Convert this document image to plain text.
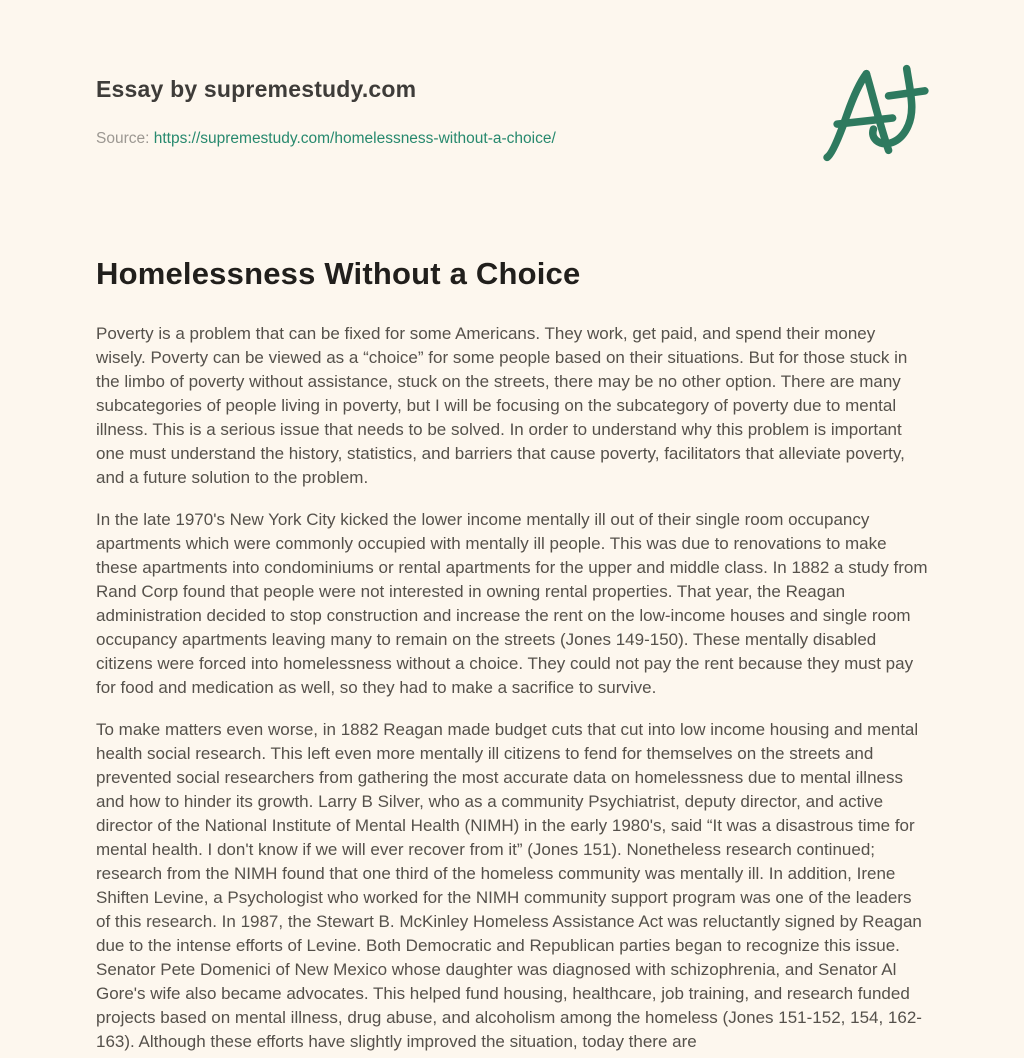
Essay by supremestudy.com
Source: https://supremestudy.com/homelessness-without-a-choice/
Homelessness Without a Choice

Poverty is a problem that can be fixed for some Americans. They work, get paid, and spend their money wisely. Poverty can be viewed as a “choice” for some people based on their situations. But for those stuck in the limbo of poverty without assistance, stuck on the streets, there may be no other option. There are many subcategories of people living in poverty, but I will be focusing on the subcategory of poverty due to mental illness. This is a serious issue that needs to be solved. In order to understand why this problem is important one must understand the history, statistics, and barriers that cause poverty, facilitators that alleviate poverty, and a future solution to the problem.

In the late 1970's New York City kicked the lower income mentally ill out of their single room occupancy apartments which were commonly occupied with mentally ill people. This was due to renovations to make these apartments into condominiums or rental apartments for the upper and middle class. In 1882 a study from Rand Corp found that people were not interested in owning rental properties. That year, the Reagan administration decided to stop construction and increase the rent on the low-income houses and single room occupancy apartments leaving many to remain on the streets (Jones 149-150). These mentally disabled citizens were forced into homelessness without a choice. They could not pay the rent because they must pay for food and medication as well, so they had to make a sacrifice to survive.

To make matters even worse, in 1882 Reagan made budget cuts that cut into low income housing and mental health social research. This left even more mentally ill citizens to fend for themselves on the streets and prevented social researchers from gathering the most accurate data on homelessness due to mental illness and how to hinder its growth. Larry B Silver, who as a community Psychiatrist, deputy director, and active director of the National Institute of Mental Health (NIMH) in the early 1980's, said “It was a disastrous time for mental health. I don't know if we will ever recover from it” (Jones 151). Nonetheless research continued; research from the NIMH found that one third of the homeless community was mentally ill. In addition, Irene Shiften Levine, a Psychologist who worked for the NIMH community support program was one of the leaders of this research. In 1987, the Stewart B. McKinley Homeless Assistance Act was reluctantly signed by Reagan due to the intense efforts of Levine. Both Democratic and Republican parties began to recognize this issue. Senator Pete Domenici of New Mexico whose daughter was diagnosed with schizophrenia, and Senator Al Gore's wife also became advocates. This helped fund housing, healthcare, job training, and research funded projects based on mental illness, drug abuse, and alcoholism among the homeless (Jones 151-152, 154, 162-163). Although these efforts have slightly improved the situation, today there are
